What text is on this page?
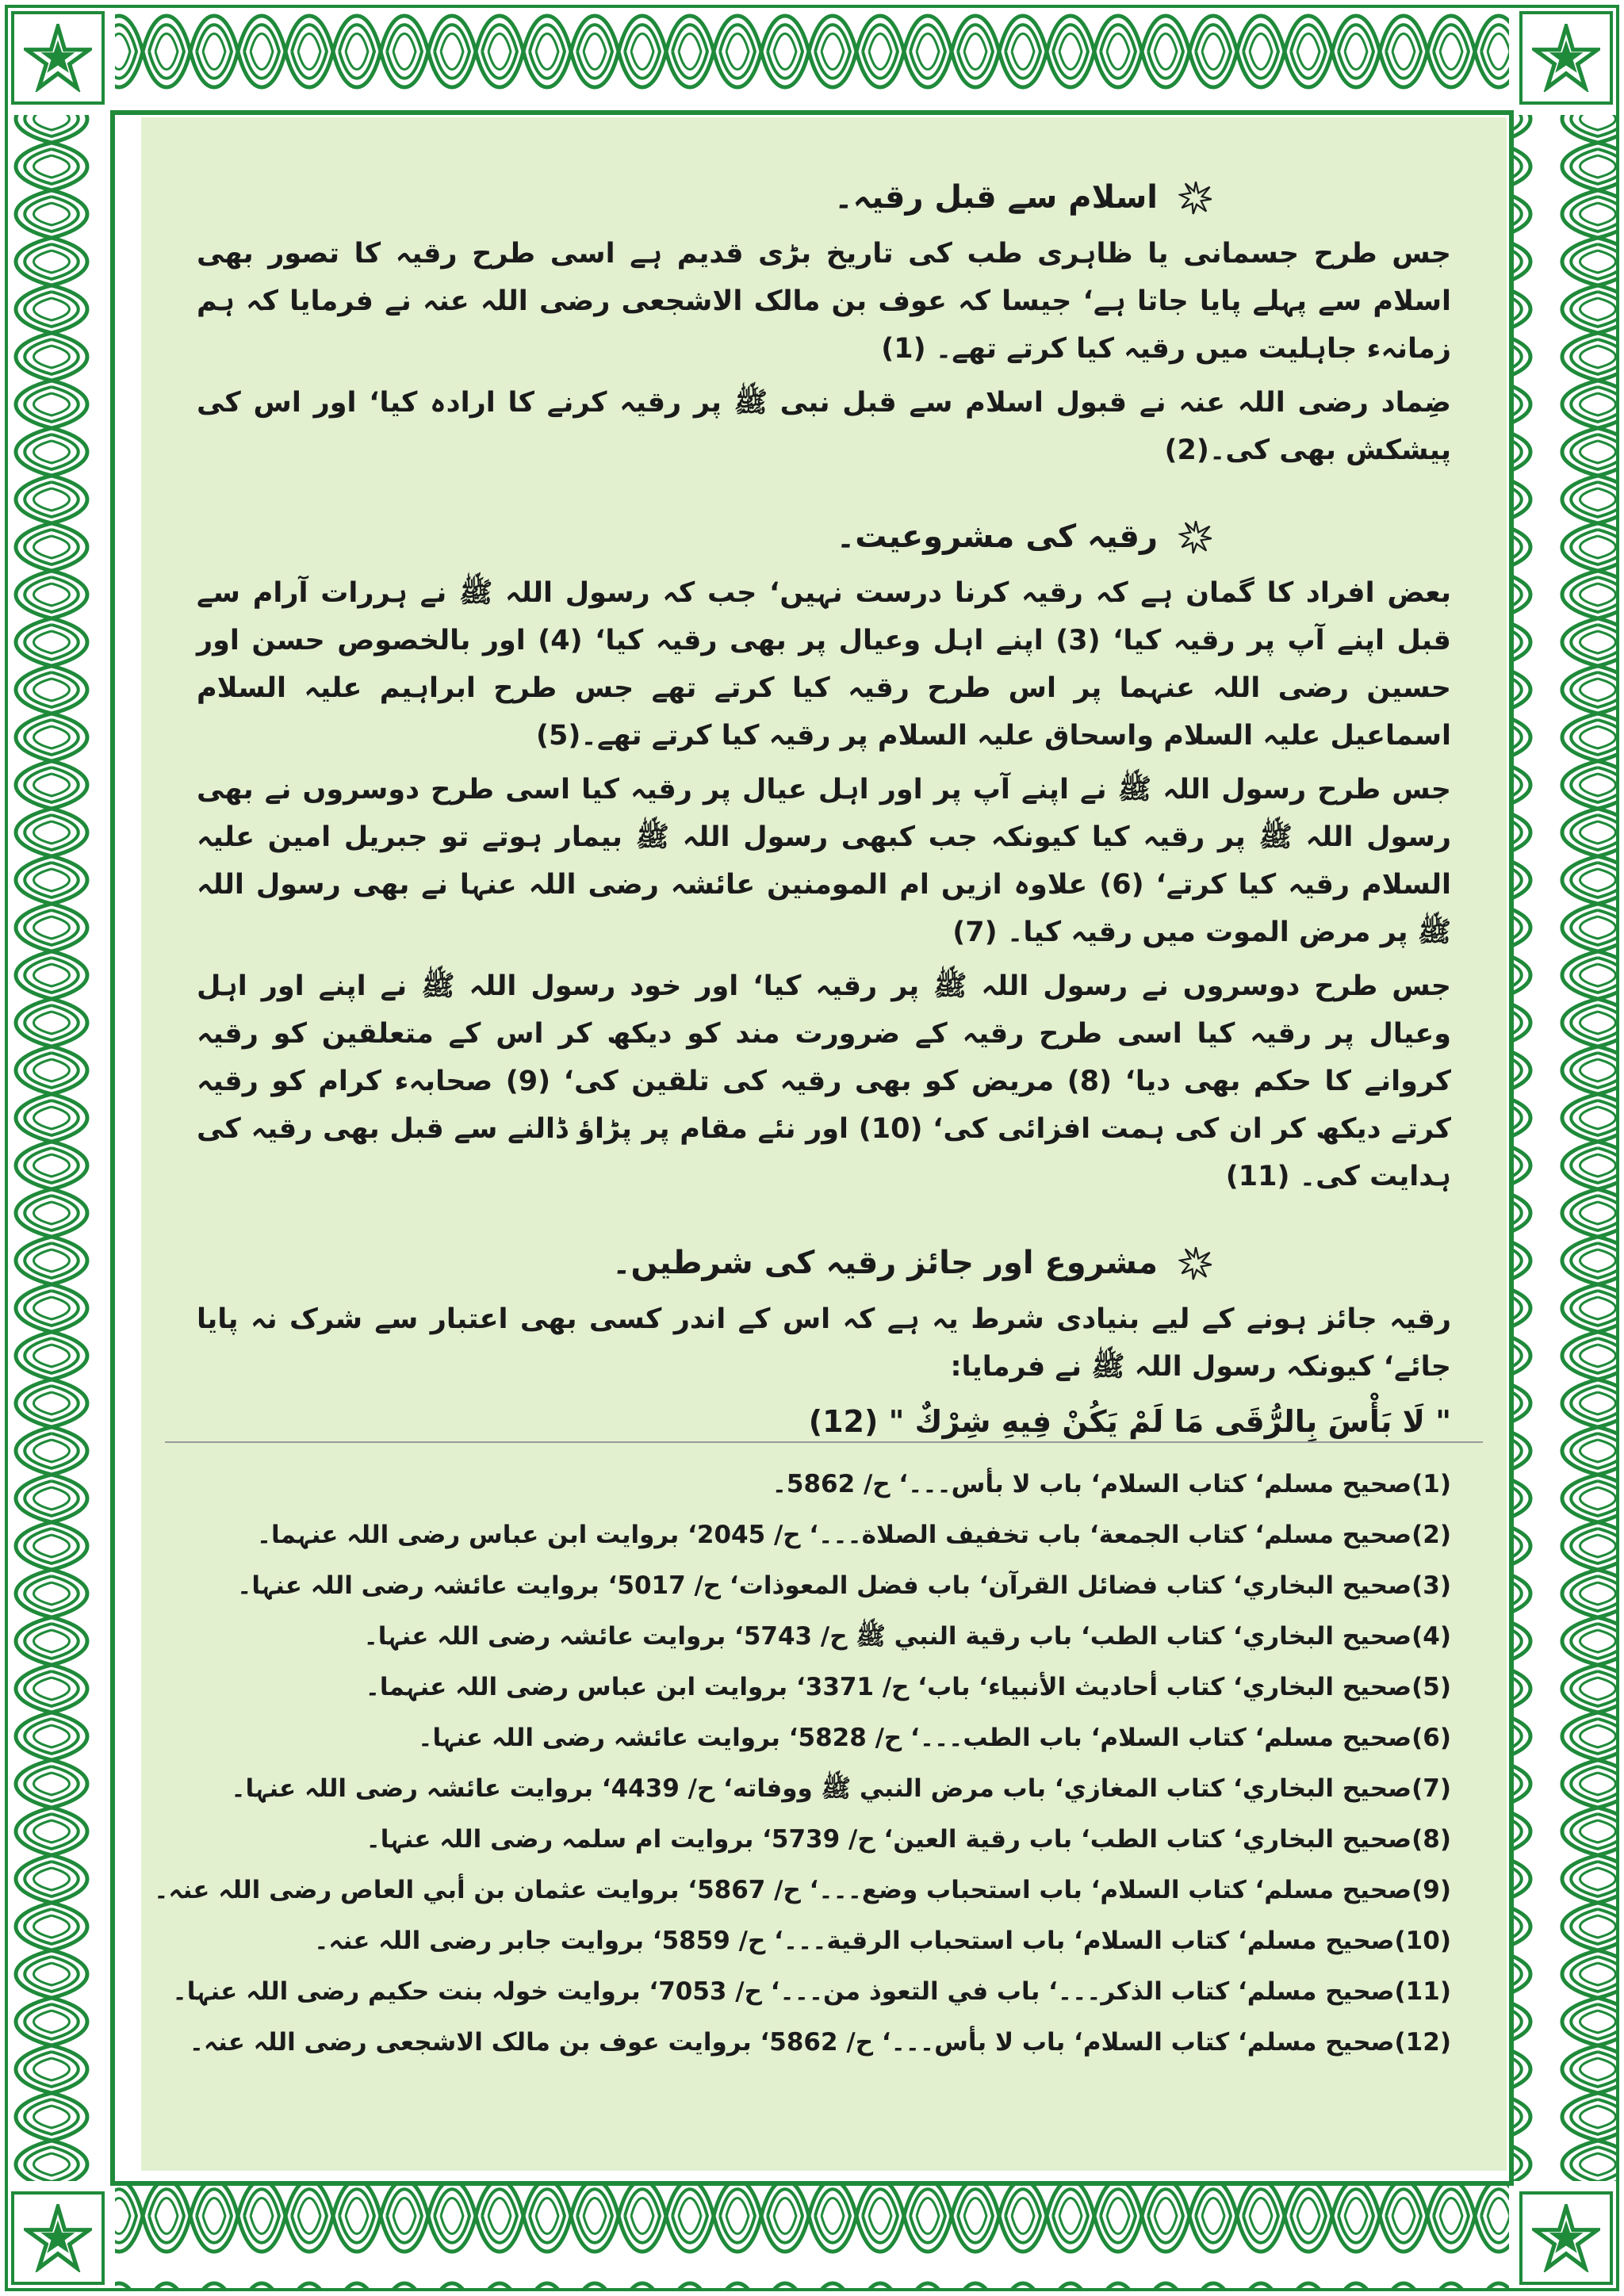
اسلام سے قبل رقیہ۔

جس طرح جسمانی یا ظاہری طب کی تاریخ بڑی قدیم ہے اسی طرح رقیہ کا تصور بھی اسلام سے پہلے پایا جاتا ہے‘ جیسا کہ عوف بن مالک الاشجعی رضی اللہ عنہ نے فرمایا کہ ہم زمانہء جاہلیت میں رقیہ کیا کرتے تھے۔ (1)

ضِماد رضی اللہ عنہ نے قبول اسلام سے قبل نبی ﷺ پر رقیہ کرنے کا ارادہ کیا‘ اور اس کی پیشکش بھی کی۔(2)

رقیہ کی مشروعیت۔

بعض افراد کا گمان ہے کہ رقیہ کرنا درست نہیں‘ جب کہ رسول اللہ ﷺ نے ہررات آرام سے قبل اپنے آپ پر رقیہ کیا‘ (3) اپنے اہل وعیال پر بھی رقیہ کیا‘ (4) اور بالخصوص حسن اور حسین رضی اللہ عنہما پر اس طرح رقیہ کیا کرتے تھے جس طرح ابراہیم علیہ السلام اسماعیل علیہ السلام واسحاق علیہ السلام پر رقیہ کیا کرتے تھے۔(5)

جس طرح رسول اللہ ﷺ نے اپنے آپ پر اور اہل عیال پر رقیہ کیا اسی طرح دوسروں نے بھی رسول اللہ ﷺ پر رقیہ کیا کیونکہ جب کبھی رسول اللہ ﷺ بیمار ہوتے تو جبریل امین علیہ السلام رقیہ کیا کرتے‘ (6) علاوہ ازیں ام المومنین عائشہ رضی اللہ عنہا نے بھی رسول اللہ ﷺ پر مرض الموت میں رقیہ کیا۔ (7)

جس طرح دوسروں نے رسول اللہ ﷺ پر رقیہ کیا‘ اور خود رسول اللہ ﷺ نے اپنے اور اہل وعیال پر رقیہ کیا اسی طرح رقیہ کے ضرورت مند کو دیکھ کر اس کے متعلقین کو رقیہ کروانے کا حکم بھی دیا‘ (8) مریض کو بھی رقیہ کی تلقین کی‘ (9) صحابہء کرام کو رقیہ کرتے دیکھ کر ان کی ہمت افزائی کی‘ (10) اور نئے مقام پر پڑاؤ ڈالنے سے قبل بھی رقیہ کی ہدایت کی۔ (11)

مشروع اور جائز رقیہ کی شرطیں۔

رقیہ جائز ہونے کے لیے بنیادی شرط یہ ہے کہ اس کے اندر کسی بھی اعتبار سے شرک نہ پایا جائے‘ کیونکہ رسول اللہ ﷺ نے فرمایا:

" لَا بَأْسَ بِالرُّقَى مَا لَمْ يَكُنْ فِيهِ شِرْكٌ " (12)
(1)صحیح مسلم‘ کتاب السلام‘ باب لا بأس۔۔۔‘ ح/ 5862۔
(2)صحیح مسلم‘ کتاب الجمعة‘ باب تخفيف الصلاة۔۔۔‘ ح/ 2045‘ بروایت ابن عباس رضی اللہ عنہما۔
(3)صحيح البخاري‘ كتاب فضائل القرآن‘ باب فضل المعوذات‘ ح/ 5017‘ بروایت عائشہ رضی اللہ عنہا۔
(4)صحيح البخاري‘ كتاب الطب‘ باب رقية النبي ﷺ ح/ 5743‘ بروایت عائشہ رضی اللہ عنہا۔
(5)صحيح البخاري‘ كتاب أحاديث الأنبياء‘ باب‘ ح/ 3371‘ بروایت ابن عباس رضی اللہ عنہما۔
(6)صحیح مسلم‘ کتاب السلام‘ باب الطب۔۔۔‘ ح/ 5828‘ بروایت عائشہ رضی اللہ عنہا۔
(7)صحيح البخاري‘ كتاب المغازي‘ باب مرض النبي ﷺ ووفاته‘ ح/ 4439‘ بروایت عائشہ رضی اللہ عنہا۔
(8)صحيح البخاري‘ كتاب الطب‘ باب رقية العين‘ ح/ 5739‘ بروایت ام سلمہ رضی اللہ عنہا۔
(9)صحیح مسلم‘ کتاب السلام‘ باب استحباب وضع۔۔۔‘ ح/ 5867‘ بروایت عثمان بن أبي العاص رضی اللہ عنہ۔
(10)صحیح مسلم‘ کتاب السلام‘ باب استحباب الرقية۔۔۔‘ ح/ 5859‘ بروایت جابر رضی اللہ عنہ۔
(11)صحیح مسلم‘ کتاب الذکر۔۔۔‘ باب في التعوذ من۔۔۔‘ ح/ 7053‘ بروایت خولہ بنت حکیم رضی اللہ عنہا۔
(12)صحیح مسلم‘ کتاب السلام‘ باب لا بأس۔۔۔‘ ح/ 5862‘ بروایت عوف بن مالک الاشجعی رضی اللہ عنہ۔
